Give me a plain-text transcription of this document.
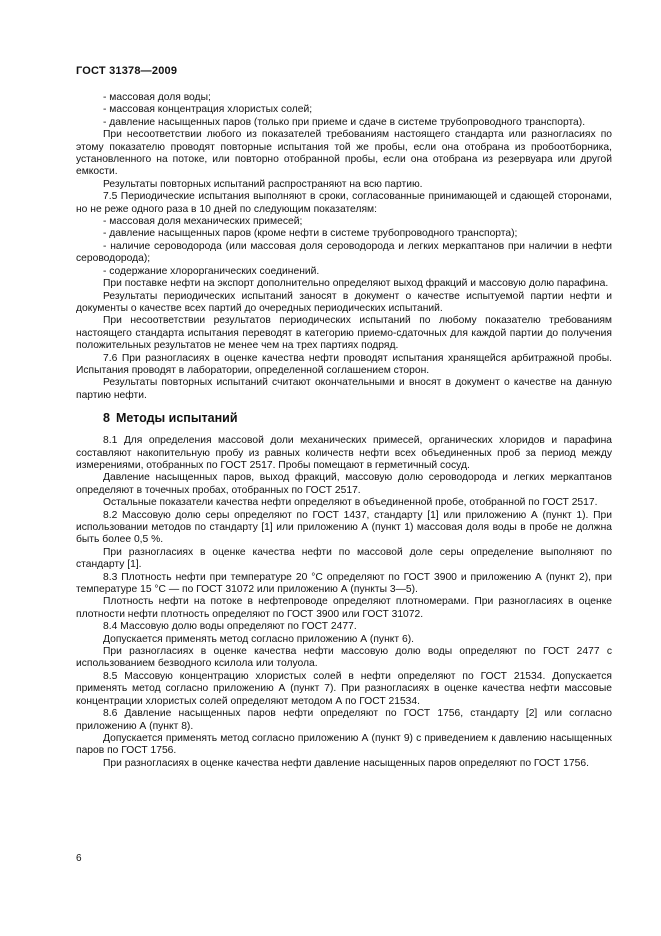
ГОСТ 31378—2009

- массовая доля воды;

- массовая концентрация хлористых солей;

- давление насыщенных паров (только при приеме и сдаче в системе трубопроводного транспорта).

При несоответствии любого из показателей требованиям настоящего стандарта или разногласиях по этому показателю проводят повторные испытания той же пробы, если она отобрана из пробоотборника, установленного на потоке, или повторно отобранной пробы, если она отобрана из резервуара или другой емкости.

Результаты повторных испытаний распространяют на всю партию.

7.5 Периодические испытания выполняют в сроки, согласованные принимающей и сдающей сторонами, но не реже одного раза в 10 дней по следующим показателям:

- массовая доля механических примесей;

- давление насыщенных паров (кроме нефти в системе трубопроводного транспорта);

- наличие сероводорода (или массовая доля сероводорода и легких меркаптанов при наличии в нефти сероводорода);

- содержание хлорорганических соединений.

При поставке нефти на экспорт дополнительно определяют выход фракций и массовую долю парафина.

Результаты периодических испытаний заносят в документ о качестве испытуемой партии нефти и документы о качестве всех партий до очередных периодических испытаний.

При несоответствии результатов периодических испытаний по любому показателю требованиям настоящего стандарта испытания переводят в категорию приемо-сдаточных для каждой партии до получения положительных результатов не менее чем на трех партиях подряд.

7.6 При разногласиях в оценке качества нефти проводят испытания хранящейся арбитражной пробы. Испытания проводят в лаборатории, определенной соглашением сторон.

Результаты повторных испытаний считают окончательными и вносят в документ о качестве на данную партию нефти.

8 Методы испытаний

8.1 Для определения массовой доли механических примесей, органических хлоридов и парафина составляют накопительную пробу из равных количеств нефти всех объединенных проб за период между измерениями, отобранных по ГОСТ 2517. Пробы помещают в герметичный сосуд.

Давление насыщенных паров, выход фракций, массовую долю сероводорода и легких меркаптанов определяют в точечных пробах, отобранных по ГОСТ 2517.

Остальные показатели качества нефти определяют в объединенной пробе, отобранной по ГОСТ 2517.

8.2 Массовую долю серы определяют по ГОСТ 1437, стандарту [1] или приложению А (пункт 1). При использовании методов по стандарту [1] или приложению А (пункт 1) массовая доля воды в пробе не должна быть более 0,5 %.

При разногласиях в оценке качества нефти по массовой доле серы определение выполняют по стандарту [1].

8.3 Плотность нефти при температуре 20 °С определяют по ГОСТ 3900 и приложению А (пункт 2), при температуре 15 °С — по ГОСТ 31072 или приложению А (пункты 3—5).

Плотность нефти на потоке в нефтепроводе определяют плотномерами. При разногласиях в оценке плотности нефти плотность определяют по ГОСТ 3900 или ГОСТ 31072.

8.4 Массовую долю воды определяют по ГОСТ 2477.

Допускается применять метод согласно приложению А (пункт 6).

При разногласиях в оценке качества нефти массовую долю воды определяют по ГОСТ 2477 с использованием безводного ксилола или толуола.

8.5 Массовую концентрацию хлористых солей в нефти определяют по ГОСТ 21534. Допускается применять метод согласно приложению А (пункт 7). При разногласиях в оценке качества нефти массовые концентрации хлористых солей определяют методом А по ГОСТ 21534.

8.6 Давление насыщенных паров нефти определяют по ГОСТ 1756, стандарту [2] или согласно приложению А (пункт 8).

Допускается применять метод согласно приложению А (пункт 9) с приведением к давлению насыщенных паров по ГОСТ 1756.

При разногласиях в оценке качества нефти давление насыщенных паров определяют по ГОСТ 1756.

6
